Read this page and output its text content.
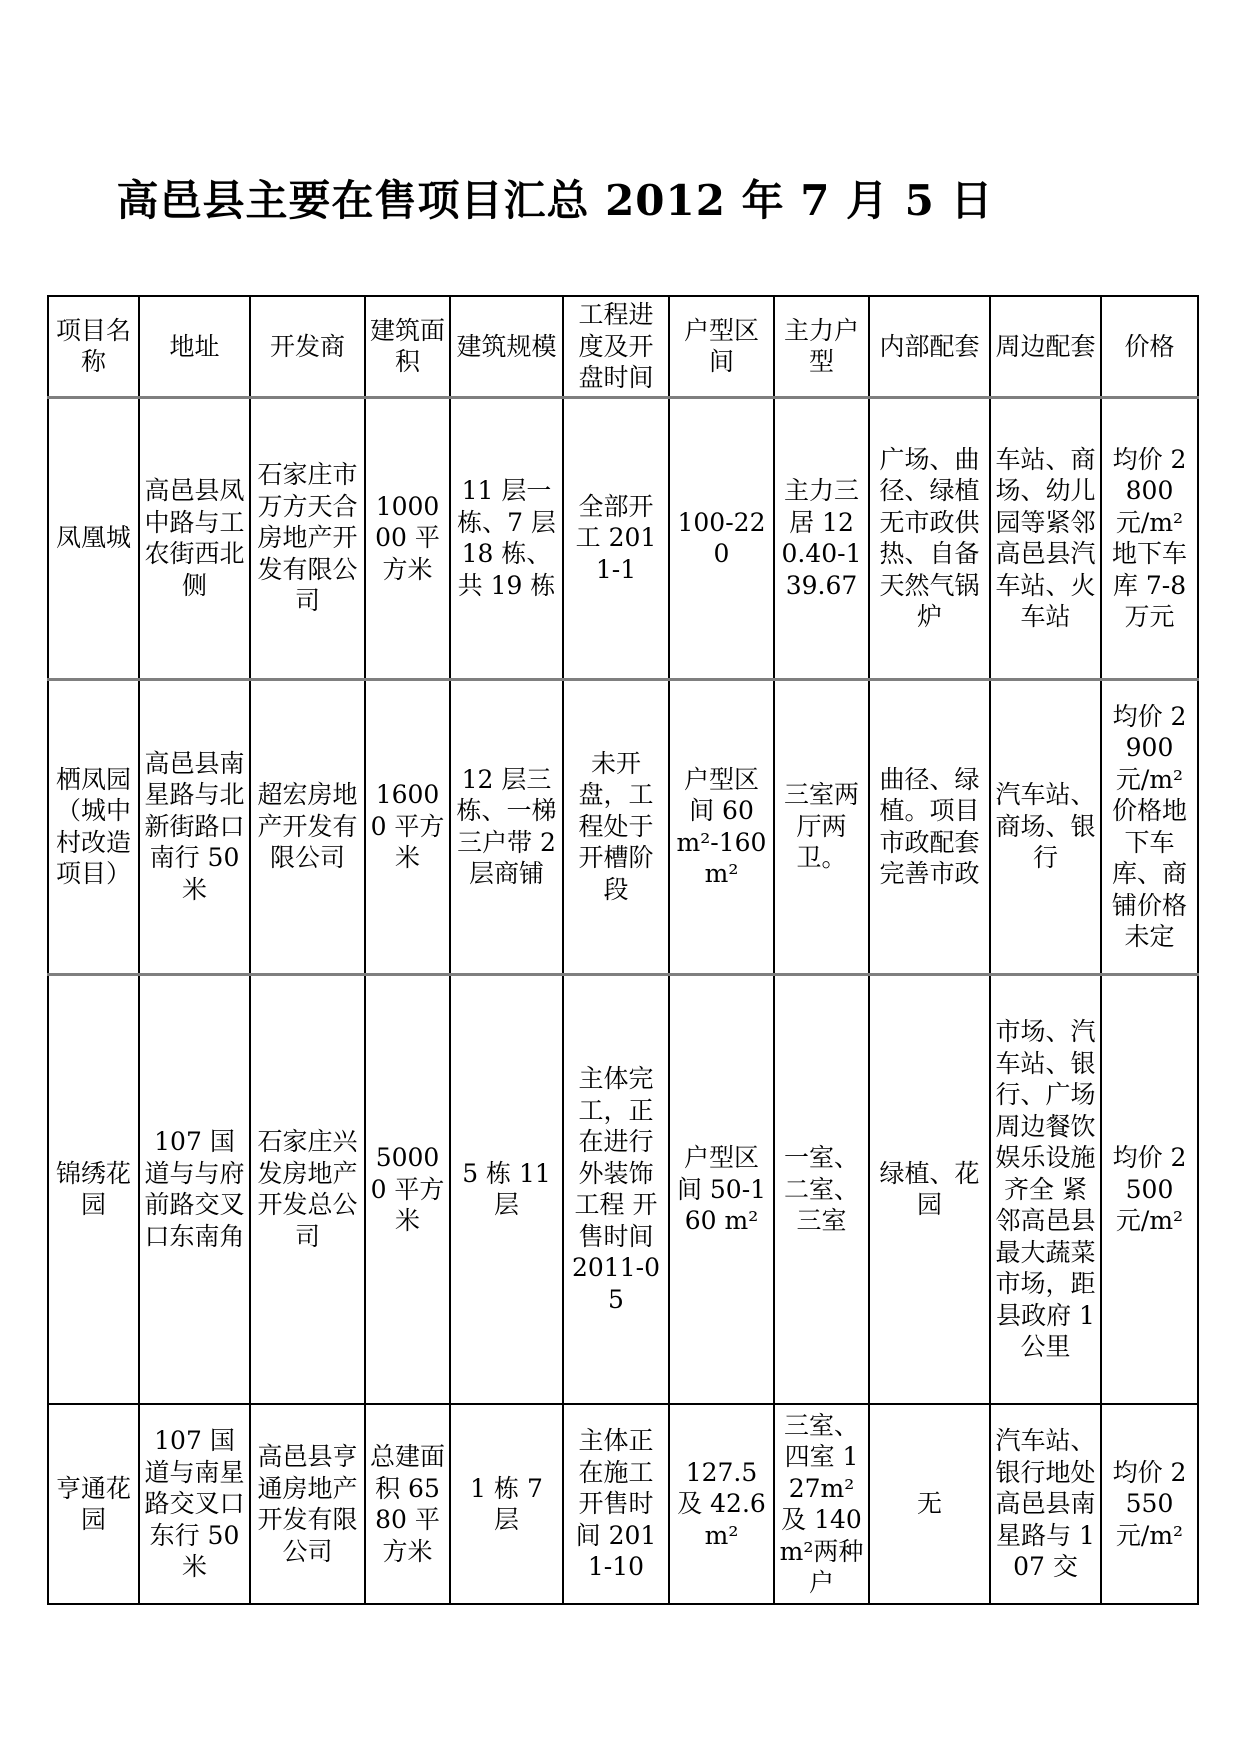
高邑县主要在售项目汇总 2012 年 7 月 5 日
项目名称	地址	开发商	建筑面积	建筑规模	工程进度及开盘时间	户型区间	主力户型	内部配套	周边配套	价格
凤凰城	高邑县凤中路与工农街西北侧	石家庄市万方天合房地产开发有限公司	100000 平方米	11 层一栋、7 层 18 栋、共 19 栋	全部开工 2011-1	100-220	主力三居 120.40-139.67	广场、曲径、绿植 无市政供热、自备天然气锅炉	车站、商场、幼儿园等紧邻高邑县汽车站、火车站	均价 2800 元/m² 地下车库 7-8 万元
栖凤园（城中村改造项目）	高邑县南星路与北新街路口南行 50 米	超宏房地产开发有限公司	16000 平方米	12 层三栋、一梯三户带 2 层商铺	未开盘，工程处于开槽阶段	户型区间 60 m²-160 m²	三室两厅两卫。	曲径、绿植。项目市政配套 完善市政	汽车站、商场、银行	均价 2900 元/m² 价格地下车库、商铺价格未定
锦绣花园	107 国道与与府前路交叉口东南角	石家庄兴发房地产开发总公司	50000 平方米	5 栋 11 层	主体完工，正在进行外装饰工程 开售时间 2011-05	户型区间 50-160 m²	一室、二室、三室	绿植、花园	市场、汽车站、银行、广场周边餐饮娱乐设施齐全 紧邻高邑县最大蔬菜市场，距县政府 1 公里	均价 2500 元/m²
亨通花园	107 国道与南星路交叉口东行 50 米	高邑县亨通房地产开发有限公司	总建面积 6580 平方米	1 栋 7 层	主体正在施工 开售时间 2011-10	127.5 及 42.6 m²	三室、四室 127m²及 140 m²两种户	无	汽车站、银行地处高邑县南星路与 107 交	均价 2550 元/m²
